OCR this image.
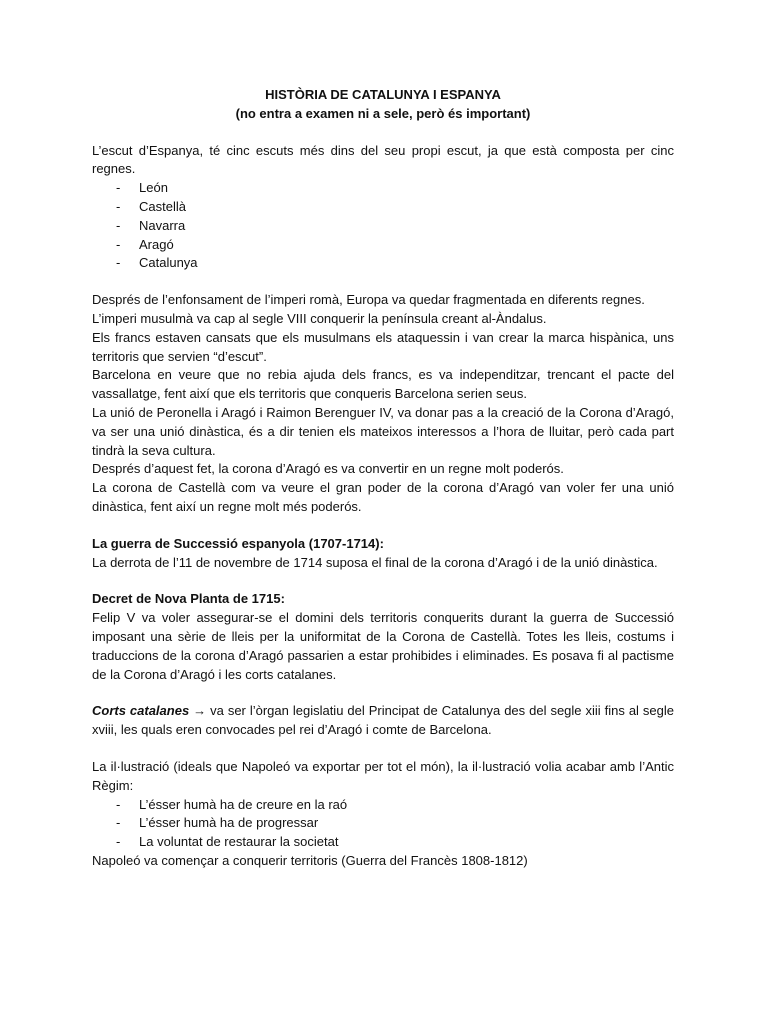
HISTÒRIA DE CATALUNYA I ESPANYA

(no entra a examen ni a sele, però és important)

L’escut d’Espanya, té cinc escuts més dins del seu propi escut, ja que està composta per cinc regnes.

- León
- Castellà
- Navarra
- Aragó
- Catalunya

Després de l’enfonsament de l’imperi romà, Europa va quedar fragmentada en diferents regnes.

L’imperi musulmà va cap al segle VIII conquerir la península creant al-Àndalus.

Els francs estaven cansats que els musulmans els ataquessin i van crear la marca hispànica, uns territoris que servien “d’escut”.

Barcelona en veure que no rebia ajuda dels francs, es va independitzar, trencant el pacte del vassallatge, fent així que els territoris que conqueris Barcelona serien seus.

La unió de Peronella i Aragó i Raimon Berenguer IV, va donar pas a la creació de la Corona d’Aragó, va ser una unió dinàstica, és a dir tenien els mateixos interessos a l’hora de lluitar, però cada part tindrà la seva cultura.

Després d’aquest fet, la corona d’Aragó es va convertir en un regne molt poderós.

La corona de Castellà com va veure el gran poder de la corona d’Aragó van voler fer una unió dinàstica, fent així un regne molt més poderós.

La guerra de Successió espanyola (1707-1714):

La derrota de l’11 de novembre de 1714 suposa el final de la corona d’Aragó i de la unió dinàstica.

Decret de Nova Planta de 1715:

Felip V va voler assegurar-se el domini dels territoris conquerits durant la guerra de Successió imposant una sèrie de lleis per la uniformitat de la Corona de Castellà. Totes les lleis, costums i traduccions de la corona d’Aragó passarien a estar prohibides i eliminades. Es posava fi al pactisme de la Corona d’Aragó i les corts catalanes.

Corts catalanes → va ser l’òrgan legislatiu del Principat de Catalunya des del segle xiii fins al segle xviii, les quals eren convocades pel rei d’Aragó i comte de Barcelona.

La il·lustració (ideals que Napoleó va exportar per tot el món), la il·lustració volia acabar amb l’Antic Règim:

- L’ésser humà ha de creure en la raó
- L’ésser humà ha de progressar
- La voluntat de restaurar la societat

Napoleó va començar a conquerir territoris (Guerra del Francès 1808-1812)
